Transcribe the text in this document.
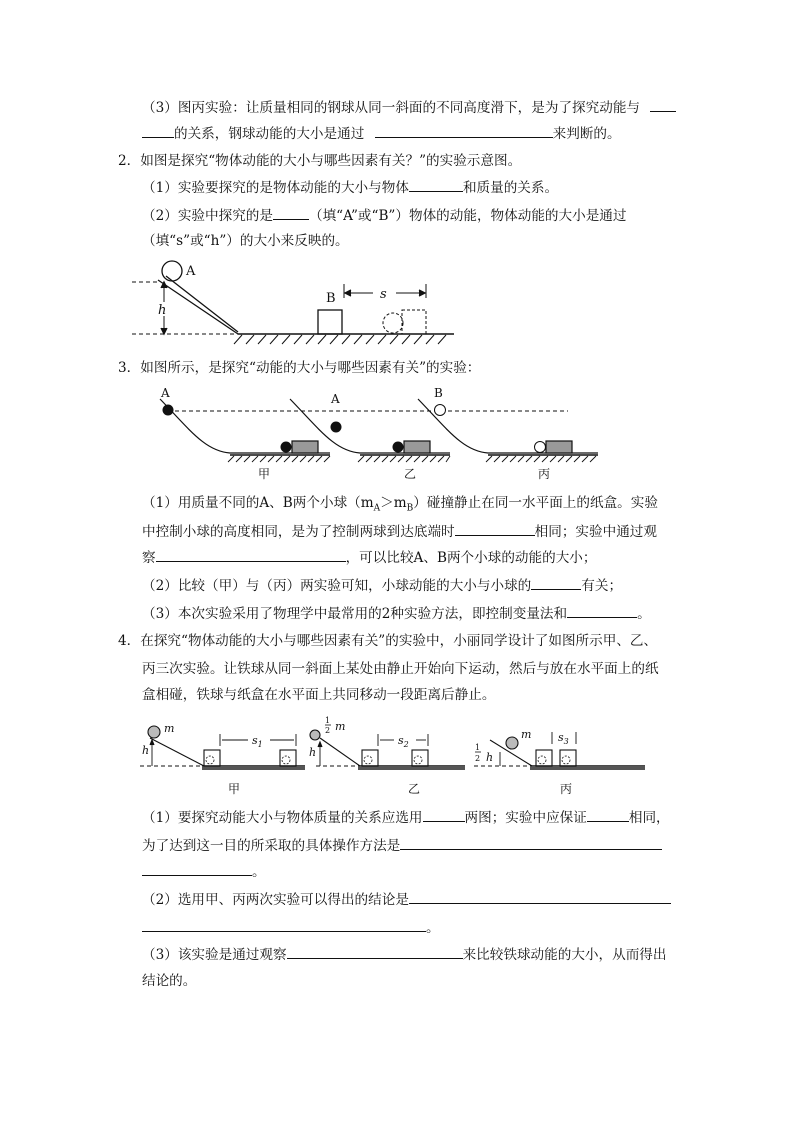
（3）图丙实验：让质量相同的钢球从同一斜面的不同高度滑下，是为了探究动能与
的关系，钢球动能的大小是通过	来判断的。
2．如图是探究“物体动能的大小与哪些因素有关？”的实验示意图。
（1）实验要探究的是物体动能的大小与物体	和质量的关系。
（2）实验中探究的是	（填“A”或“B”）物体的动能，物体动能的大小是通过
（填“s”或“h”）的大小来反映的。
A
h
B	s
3．如图所示，是探究“动能的大小与哪些因素有关”的实验：
A	A	B
甲	乙	丙
（1）用质量不同的A、B两个小球$(m_A>m_B)$碰撞静止在同一水平面上的纸盒。实验
中控制小球的高度相同，是为了控制两球到达底端时	相同；实验中通过观
察	，可以比较A、B两个小球的动能的大小；
（2）比较（甲）与（丙）两实验可知，小球动能的大小与小球的	有关；
（3）本次实验采用了物理学中最常用的2种实验方法，即控制变量法和	。
4．在探究“物体动能的大小与哪些因素有关”的实验中，小丽同学设计了如图所示甲、乙、
丙三次实验。让铁球从同一斜面上某处由静止开始向下运动，然后与放在水平面上的纸
盒相碰，铁球与纸盒在水平面上共同移动一段距离后静止。
m
h
$s_1$
1
2 m
h
$s_2$	1
2 h
m $s_3$
甲	乙	丙
（1）要探究动能大小与物体质量的关系应选用	两图；实验中应保证	相同，
为了达到这一目的所采取的具体操作方法是
。
（2）选用甲、丙两次实验可以得出的结论是
。
（3）该实验是通过观察	来比较铁球动能的大小，从而得出
结论的。
